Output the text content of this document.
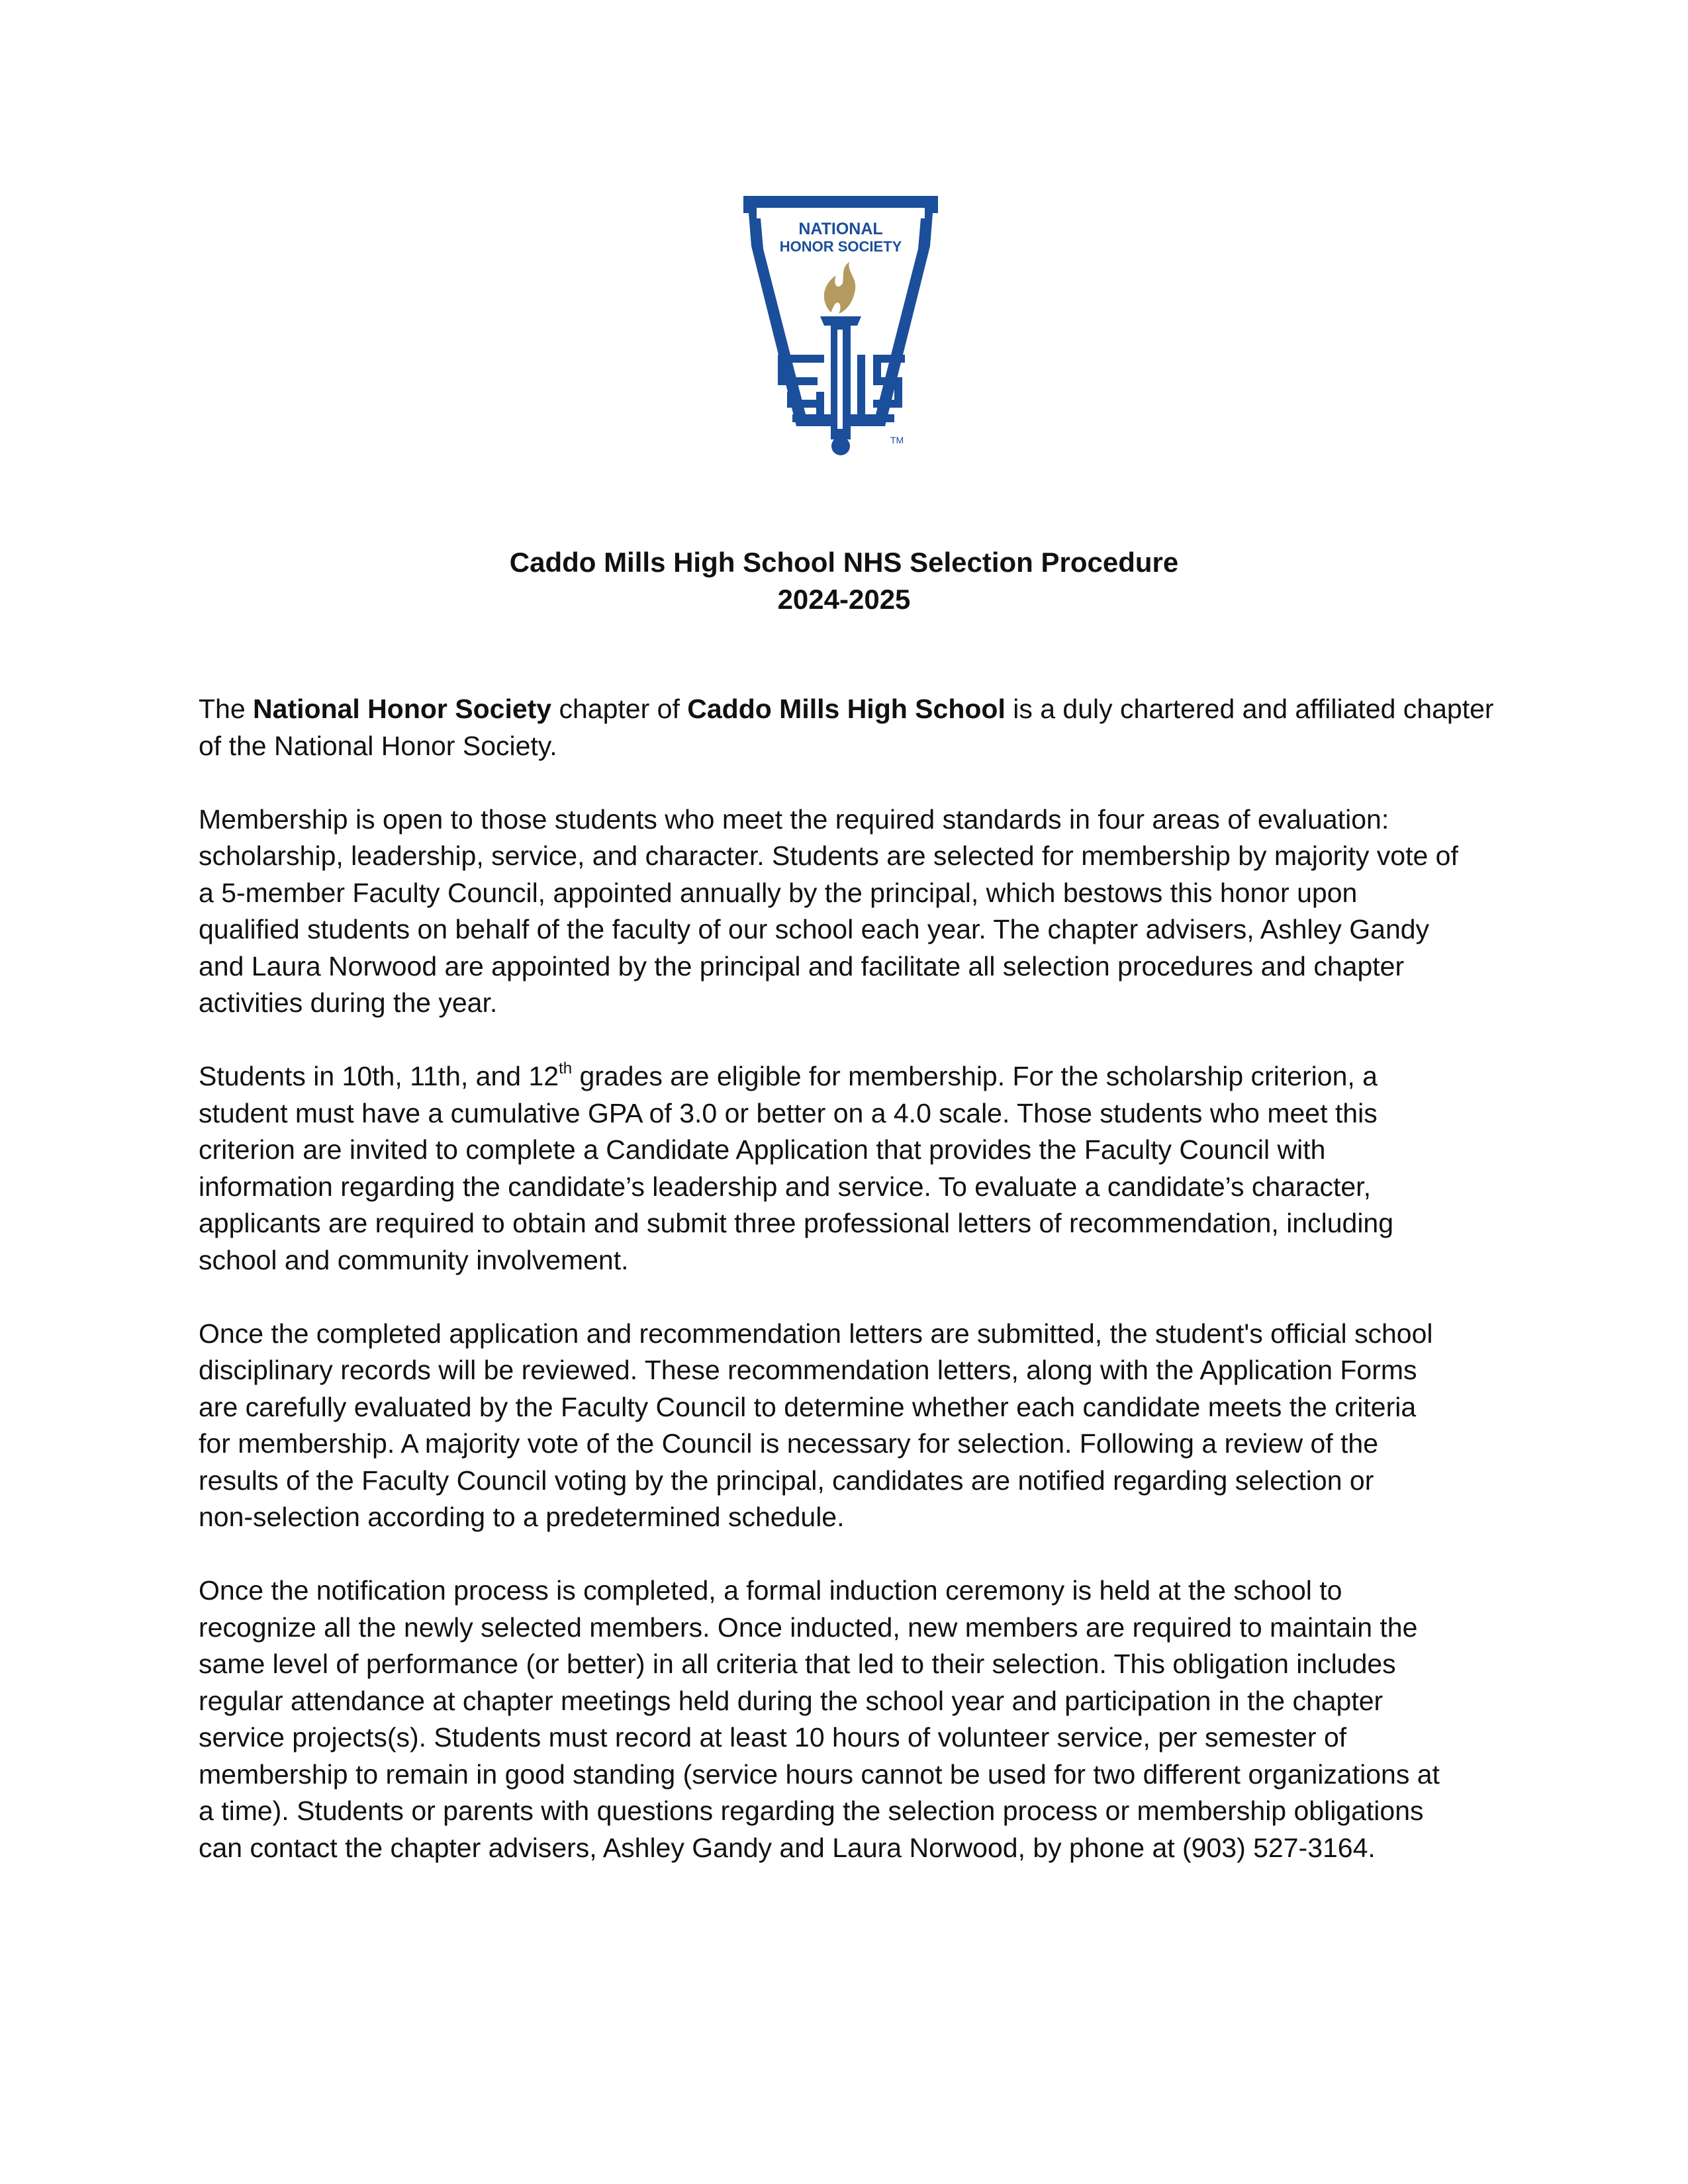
NATIONAL
HONOR SOCIETY
TM
Caddo Mills High School NHS Selection Procedure
2024-2025
The National Honor Society chapter of Caddo Mills High School is a duly chartered and affiliated chapter
of the National Honor Society.
Membership is open to those students who meet the required standards in four areas of evaluation:
scholarship, leadership, service, and character. Students are selected for membership by majority vote of
a 5-member Faculty Council, appointed annually by the principal, which bestows this honor upon
qualified students on behalf of the faculty of our school each year. The chapter advisers, Ashley Gandy
and Laura Norwood are appointed by the principal and facilitate all selection procedures and chapter
activities during the year.
Students in 10th, 11th, and 12th grades are eligible for membership. For the scholarship criterion, a
student must have a cumulative GPA of 3.0 or better on a 4.0 scale. Those students who meet this
criterion are invited to complete a Candidate Application that provides the Faculty Council with
information regarding the candidate’s leadership and service. To evaluate a candidate’s character,
applicants are required to obtain and submit three professional letters of recommendation, including
school and community involvement.
Once the completed application and recommendation letters are submitted, the student's official school
disciplinary records will be reviewed. These recommendation letters, along with the Application Forms
are carefully evaluated by the Faculty Council to determine whether each candidate meets the criteria
for membership. A majority vote of the Council is necessary for selection. Following a review of the
results of the Faculty Council voting by the principal, candidates are notified regarding selection or
non-selection according to a predetermined schedule.
Once the notification process is completed, a formal induction ceremony is held at the school to
recognize all the newly selected members. Once inducted, new members are required to maintain the
same level of performance (or better) in all criteria that led to their selection. This obligation includes
regular attendance at chapter meetings held during the school year and participation in the chapter
service projects(s). Students must record at least 10 hours of volunteer service, per semester of
membership to remain in good standing (service hours cannot be used for two different organizations at
a time). Students or parents with questions regarding the selection process or membership obligations
can contact the chapter advisers, Ashley Gandy and Laura Norwood, by phone at (903) 527-3164.
